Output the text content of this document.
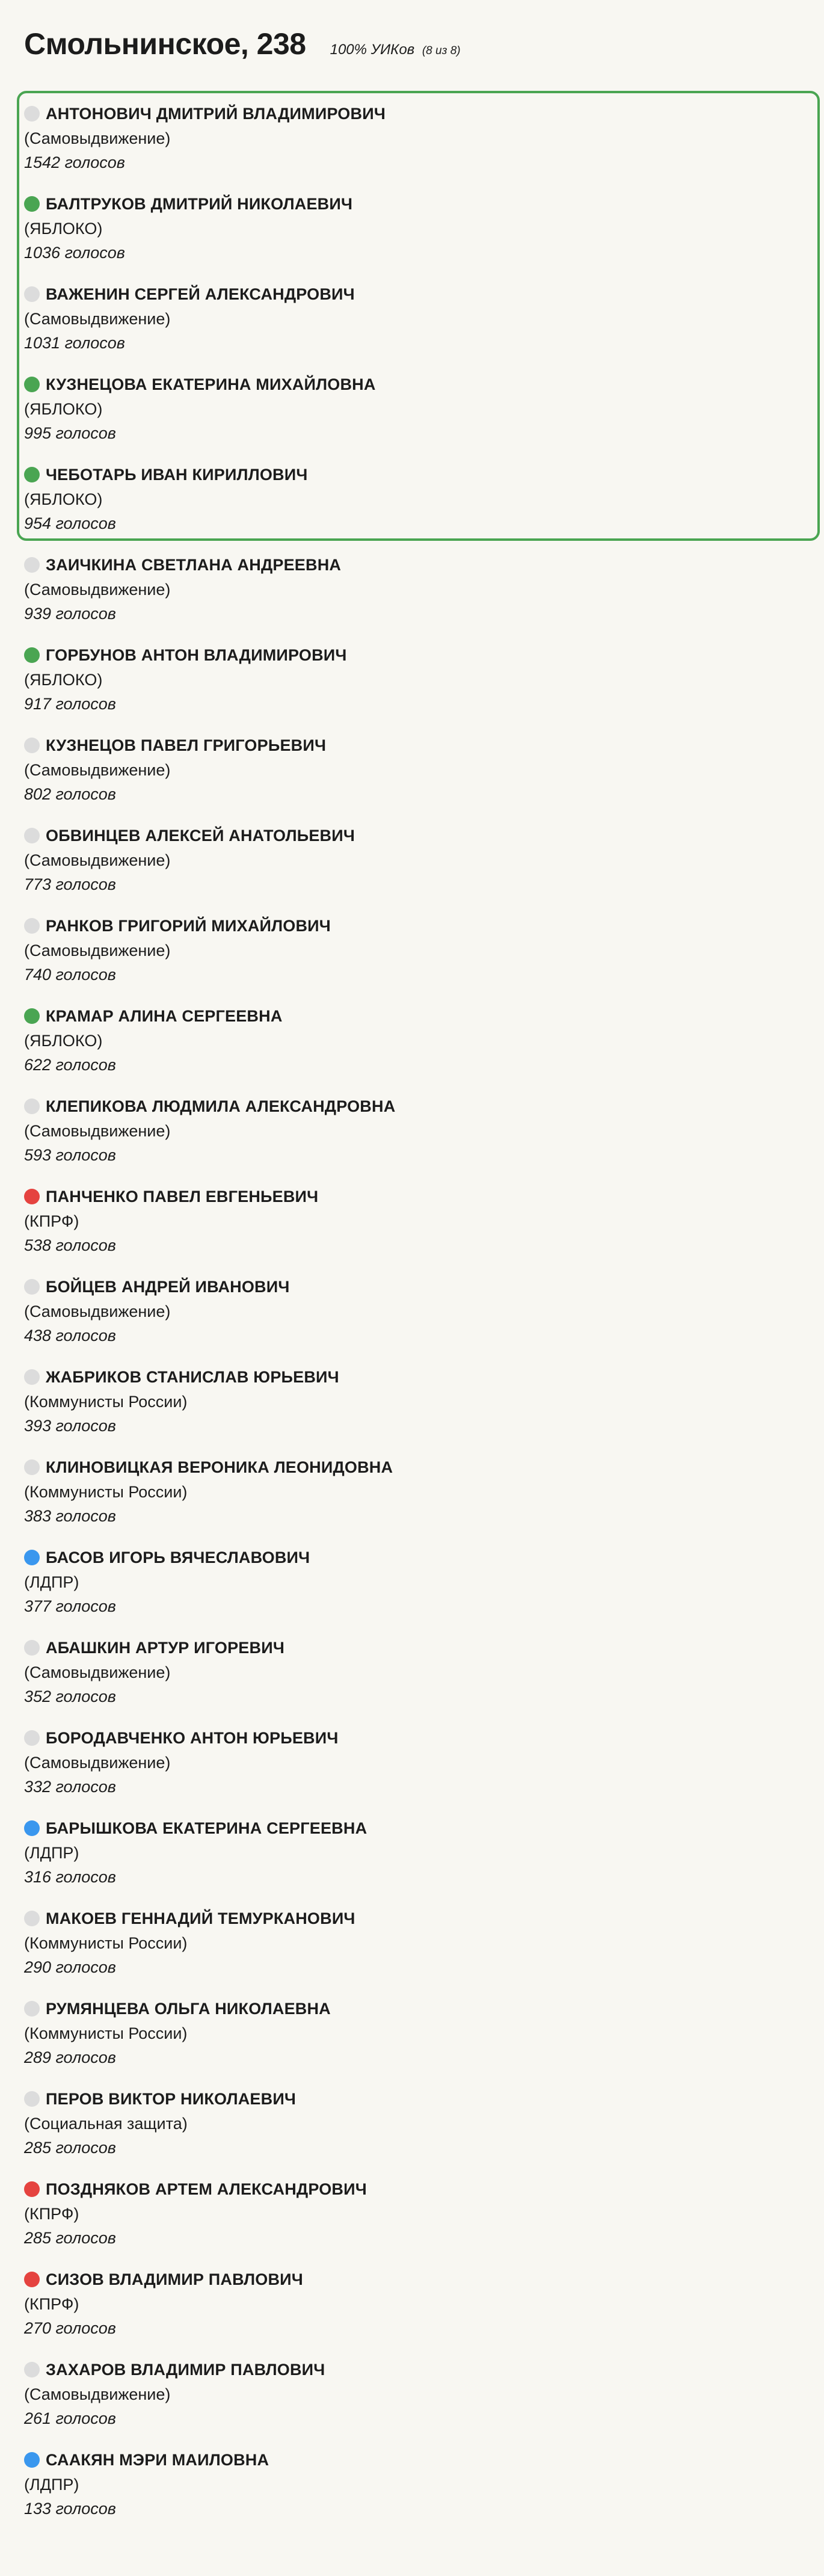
Смольнинское, 238 100% УИКов (8 из 8)
АНТОНОВИЧ ДМИТРИЙ ВЛАДИМИРОВИЧ
(Самовыдвижение)
1542 голосов
БАЛТРУКОВ ДМИТРИЙ НИКОЛАЕВИЧ
(ЯБЛОКО)
1036 голосов
ВАЖЕНИН СЕРГЕЙ АЛЕКСАНДРОВИЧ
(Самовыдвижение)
1031 голосов
КУЗНЕЦОВА ЕКАТЕРИНА МИХАЙЛОВНА
(ЯБЛОКО)
995 голосов
ЧЕБОТАРЬ ИВАН КИРИЛЛОВИЧ
(ЯБЛОКО)
954 голосов
ЗАИЧКИНА СВЕТЛАНА АНДРЕЕВНА
(Самовыдвижение)
939 голосов
ГОРБУНОВ АНТОН ВЛАДИМИРОВИЧ
(ЯБЛОКО)
917 голосов
КУЗНЕЦОВ ПАВЕЛ ГРИГОРЬЕВИЧ
(Самовыдвижение)
802 голосов
ОБВИНЦЕВ АЛЕКСЕЙ АНАТОЛЬЕВИЧ
(Самовыдвижение)
773 голосов
РАНКОВ ГРИГОРИЙ МИХАЙЛОВИЧ
(Самовыдвижение)
740 голосов
КРАМАР АЛИНА СЕРГЕЕВНА
(ЯБЛОКО)
622 голосов
КЛЕПИКОВА ЛЮДМИЛА АЛЕКСАНДРОВНА
(Самовыдвижение)
593 голосов
ПАНЧЕНКО ПАВЕЛ ЕВГЕНЬЕВИЧ
(КПРФ)
538 голосов
БОЙЦЕВ АНДРЕЙ ИВАНОВИЧ
(Самовыдвижение)
438 голосов
ЖАБРИКОВ СТАНИСЛАВ ЮРЬЕВИЧ
(Коммунисты России)
393 голосов
КЛИНОВИЦКАЯ ВЕРОНИКА ЛЕОНИДОВНА
(Коммунисты России)
383 голосов
БАСОВ ИГОРЬ ВЯЧЕСЛАВОВИЧ
(ЛДПР)
377 голосов
АБАШКИН АРТУР ИГОРЕВИЧ
(Самовыдвижение)
352 голосов
БОРОДАВЧЕНКО АНТОН ЮРЬЕВИЧ
(Самовыдвижение)
332 голосов
БАРЫШКОВА ЕКАТЕРИНА СЕРГЕЕВНА
(ЛДПР)
316 голосов
МАКОЕВ ГЕННАДИЙ ТЕМУРКАНОВИЧ
(Коммунисты России)
290 голосов
РУМЯНЦЕВА ОЛЬГА НИКОЛАЕВНА
(Коммунисты России)
289 голосов
ПЕРОВ ВИКТОР НИКОЛАЕВИЧ
(Социальная защита)
285 голосов
ПОЗДНЯКОВ АРТЕМ АЛЕКСАНДРОВИЧ
(КПРФ)
285 голосов
СИЗОВ ВЛАДИМИР ПАВЛОВИЧ
(КПРФ)
270 голосов
ЗАХАРОВ ВЛАДИМИР ПАВЛОВИЧ
(Самовыдвижение)
261 голосов
СААКЯН МЭРИ МАИЛОВНА
(ЛДПР)
133 голосов
